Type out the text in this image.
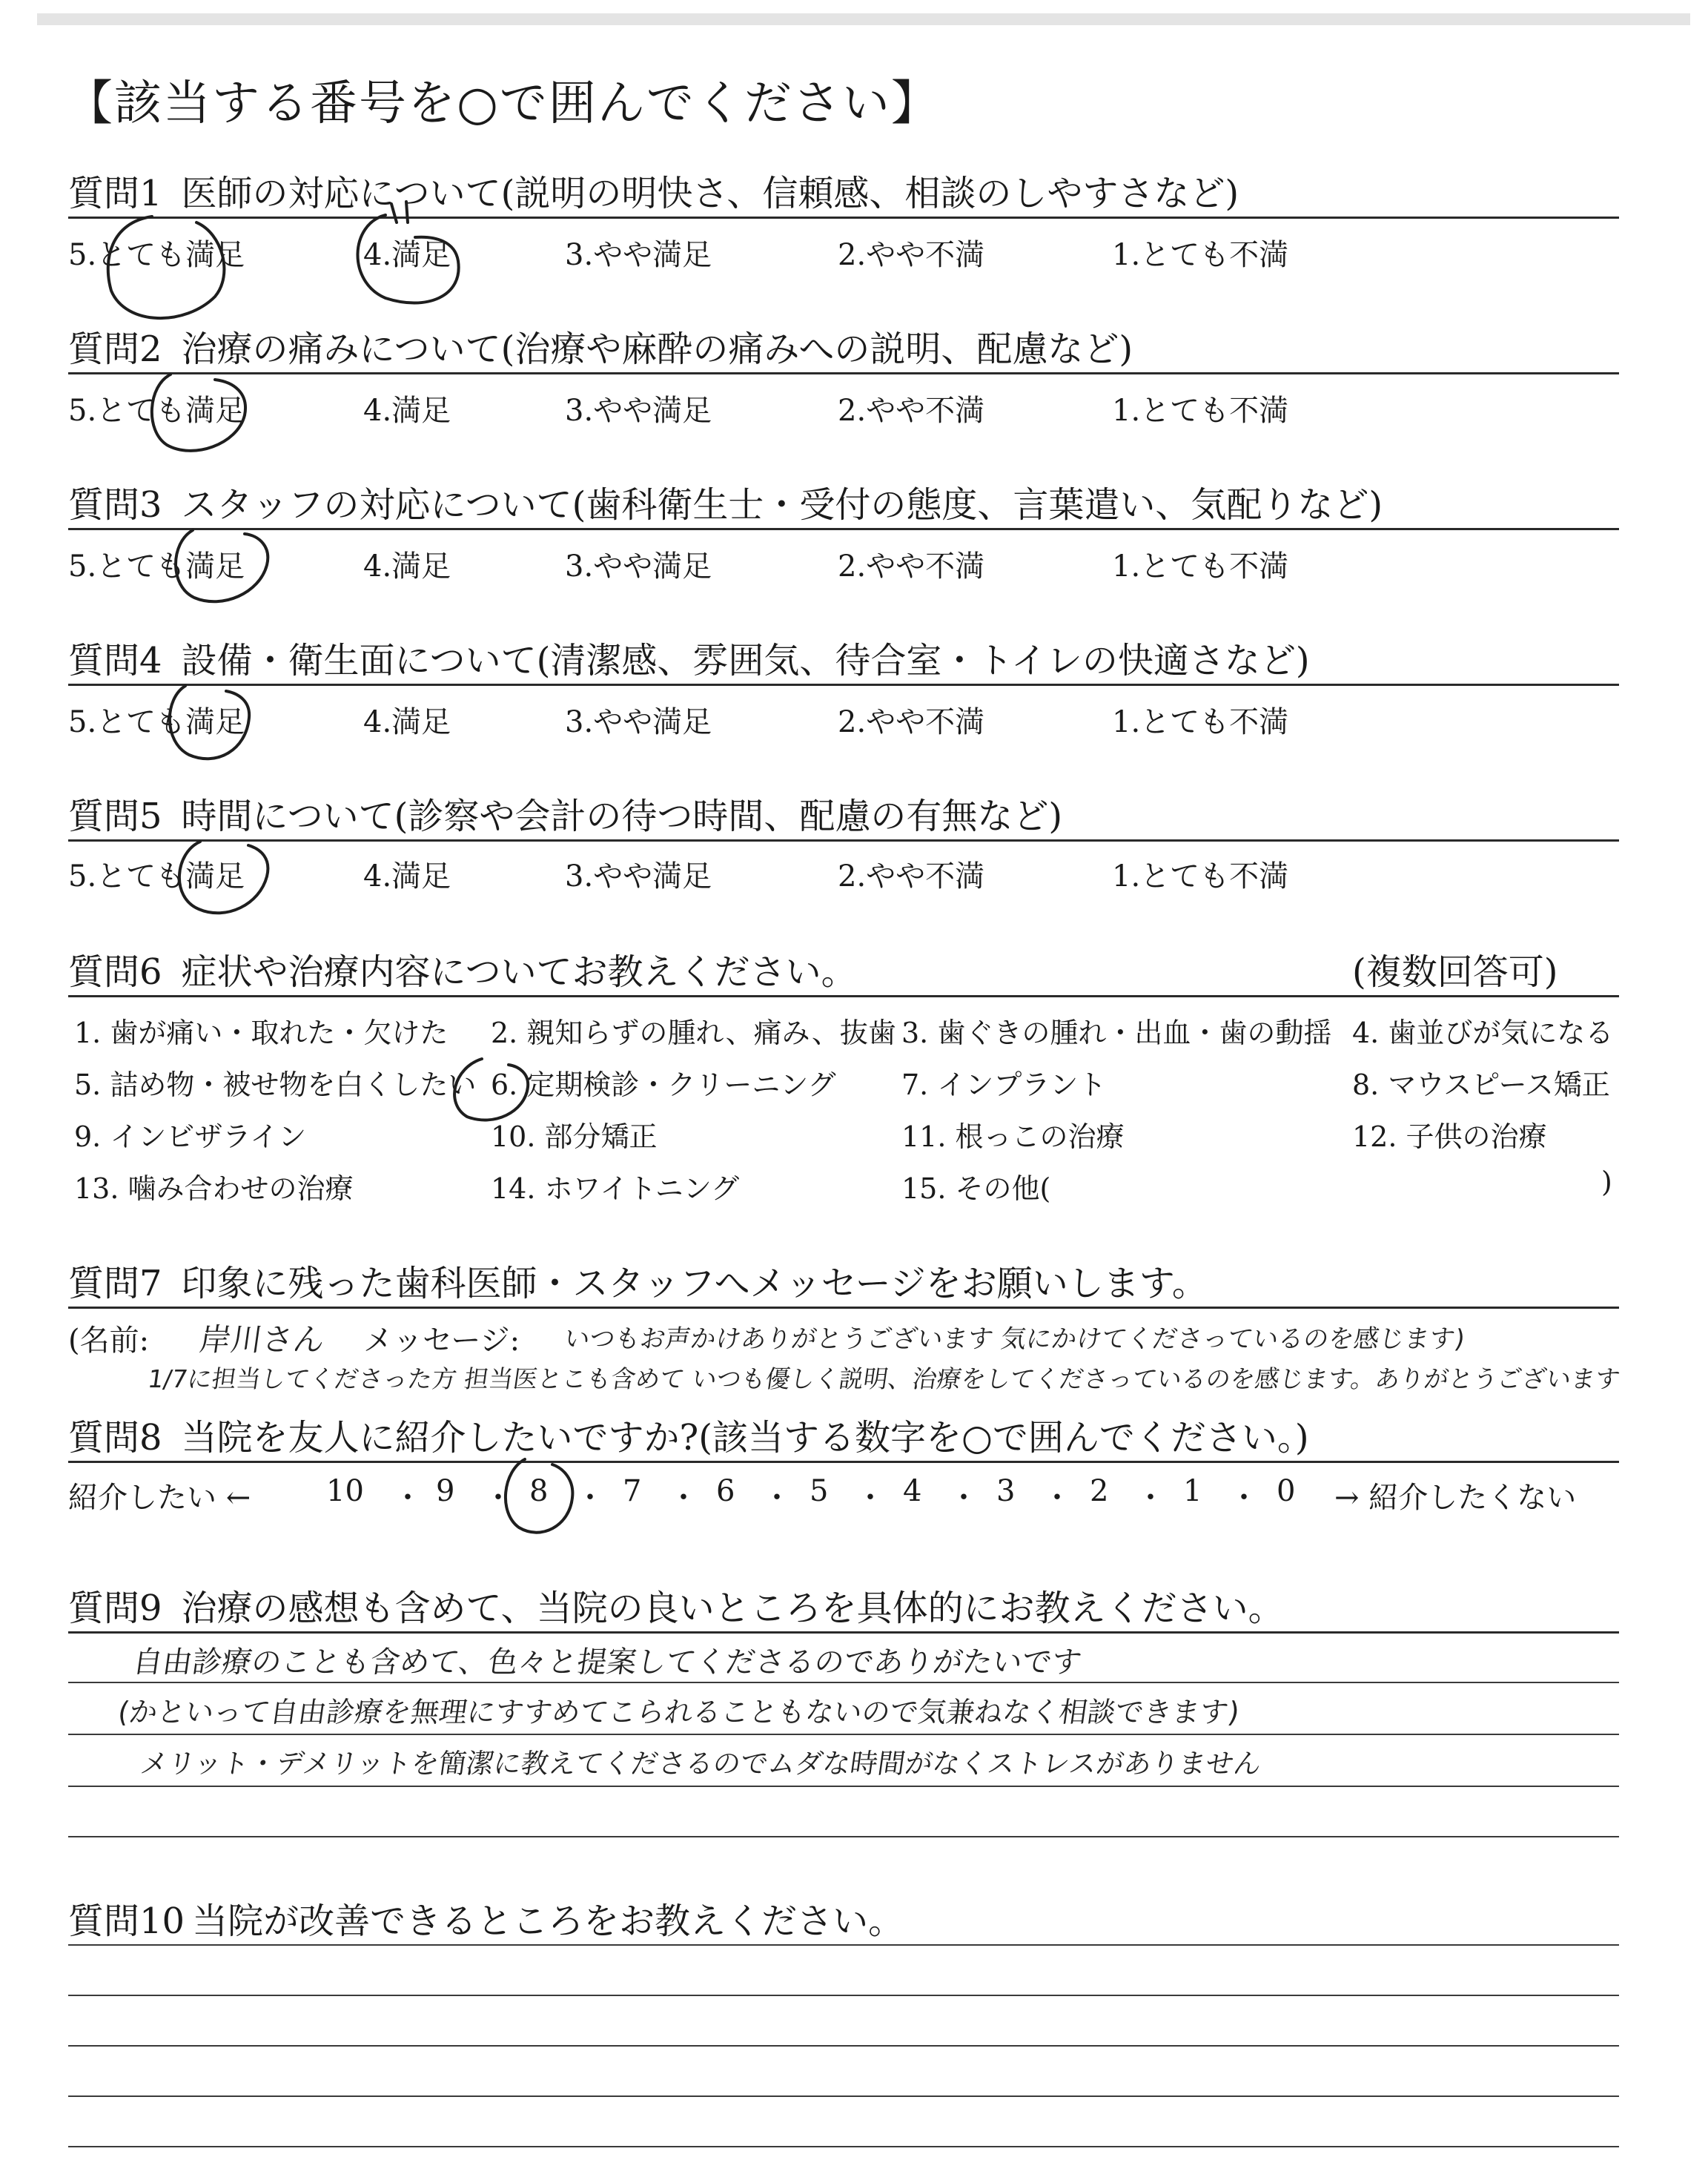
【該当する番号を○で囲んでください】
質問1 医師の対応について(説明の明快さ、信頼感、相談のしやすさなど)
5.とても満足	4.満足	3.やや満足	2.やや不満	1.とても不満
質問2 治療の痛みについて(治療や麻酔の痛みへの説明、配慮など)
5.とても満足	4.満足	3.やや満足	2.やや不満	1.とても不満
質問3 スタッフの対応について(歯科衛生士・受付の態度、言葉遣い、気配りなど)
5.とても満足	4.満足	3.やや満足	2.やや不満	1.とても不満
質問4 設備・衛生面について(清潔感、雰囲気、待合室・トイレの快適さなど)
5.とても満足	4.満足	3.やや満足	2.やや不満	1.とても不満
質問5 時間について(診察や会計の待つ時間、配慮の有無など)
5.とても満足	4.満足	3.やや満足	2.やや不満	1.とても不満
質問6 症状や治療内容についてお教えください。	(複数回答可)
1. 歯が痛い・取れた・欠けた 2. 親知らずの腫れ、痛み、抜歯 3. 歯ぐきの腫れ・出血・歯の動揺 4. 歯並びが気になる
5. 詰め物・被せ物を白くしたい 6. 定期検診・クリーニング 7. インプラント	8. マウスピース矯正
9. インビザライン	10. 部分矯正	11. 根っこの治療	12. 子供の治療
13. 噛み合わせの治療	14. ホワイトニング	15. その他(	)
質問7 印象に残った歯科医師・スタッフへメッセージをお願いします。
(名前: 岸川さん メッセージ: いつもお声かけありがとうございます 気にかけてくださっているのを感じます)
1/7に担当してくださった方 担当医とこも含めて いつも優しく説明、治療をしてくださっているのを感じます。ありがとうございます
質問8 当院を友人に紹介したいですか?(該当する数字を○で囲んでください。)
紹介したい ←	10 ・ 9 ・ 8 ・ 7 ・ 6 ・ 5 ・ 4 ・ 3 ・ 2 ・ 1 ・ 0 → 紹介したくない
質問9 治療の感想も含めて、当院の良いところを具体的にお教えください。
自由診療のことも含めて、色々と提案してくださるのでありがたいです
(かといって自由診療を無理にすすめてこられることもないので気兼ねなく相談できます)
メリット・デメリットを簡潔に教えてくださるのでムダな時間がなくストレスがありません
質問10 当院が改善できるところをお教えください。
